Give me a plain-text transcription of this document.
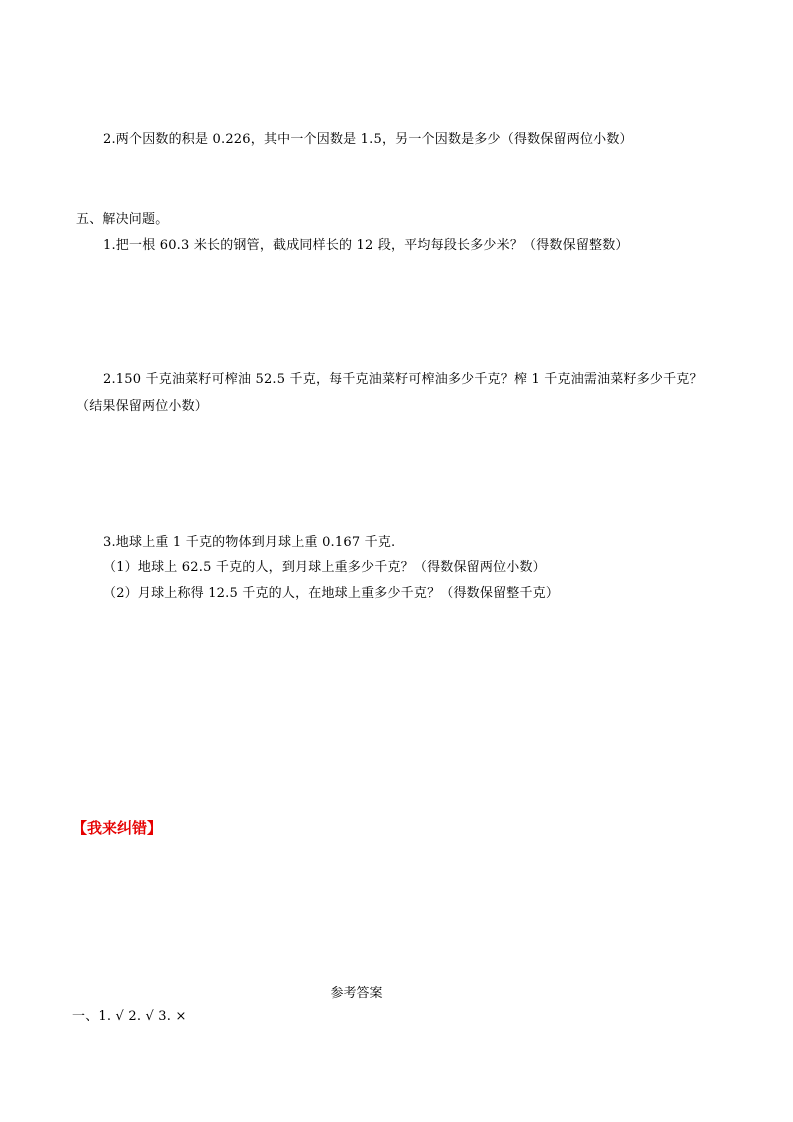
2.两个因数的积是 0.226，其中一个因数是 1.5，另一个因数是多少（得数保留两位小数）
五、解决问题。
1.把一根 60.3 米长的钢管，截成同样长的 12 段，平均每段长多少米？（得数保留整数）
2.150 千克油菜籽可榨油 52.5 千克，每千克油菜籽可榨油多少千克？榨 1 千克油需油菜籽多少千克？
（结果保留两位小数）
3.地球上重 1 千克的物体到月球上重 0.167 千克.
（1）地球上 62.5 千克的人，到月球上重多少千克？（得数保留两位小数）
（2）月球上称得 12.5 千克的人，在地球上重多少千克？（得数保留整千克）
【我来纠错】
参考答案
一、1. √ 2. √ 3. ×
